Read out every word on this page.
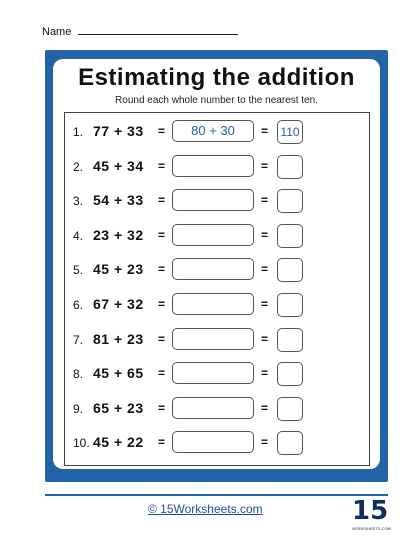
Name
Estimating the addition
Round each whole number to the nearest ten.
1. 77 + 33 =	80 + 30	= 110
2. 45 + 34 =	=
3. 54 + 33 =	=
4. 23 + 32 =	=
5. 45 + 23 =	=
6. 67 + 32 =	=
7. 81 + 23 =	=
8. 45 + 65 =	=
9. 65 + 23 =	=
10. 45 + 22 =	=
© 15Worksheets.com	15
WORKSHEETS.COM
